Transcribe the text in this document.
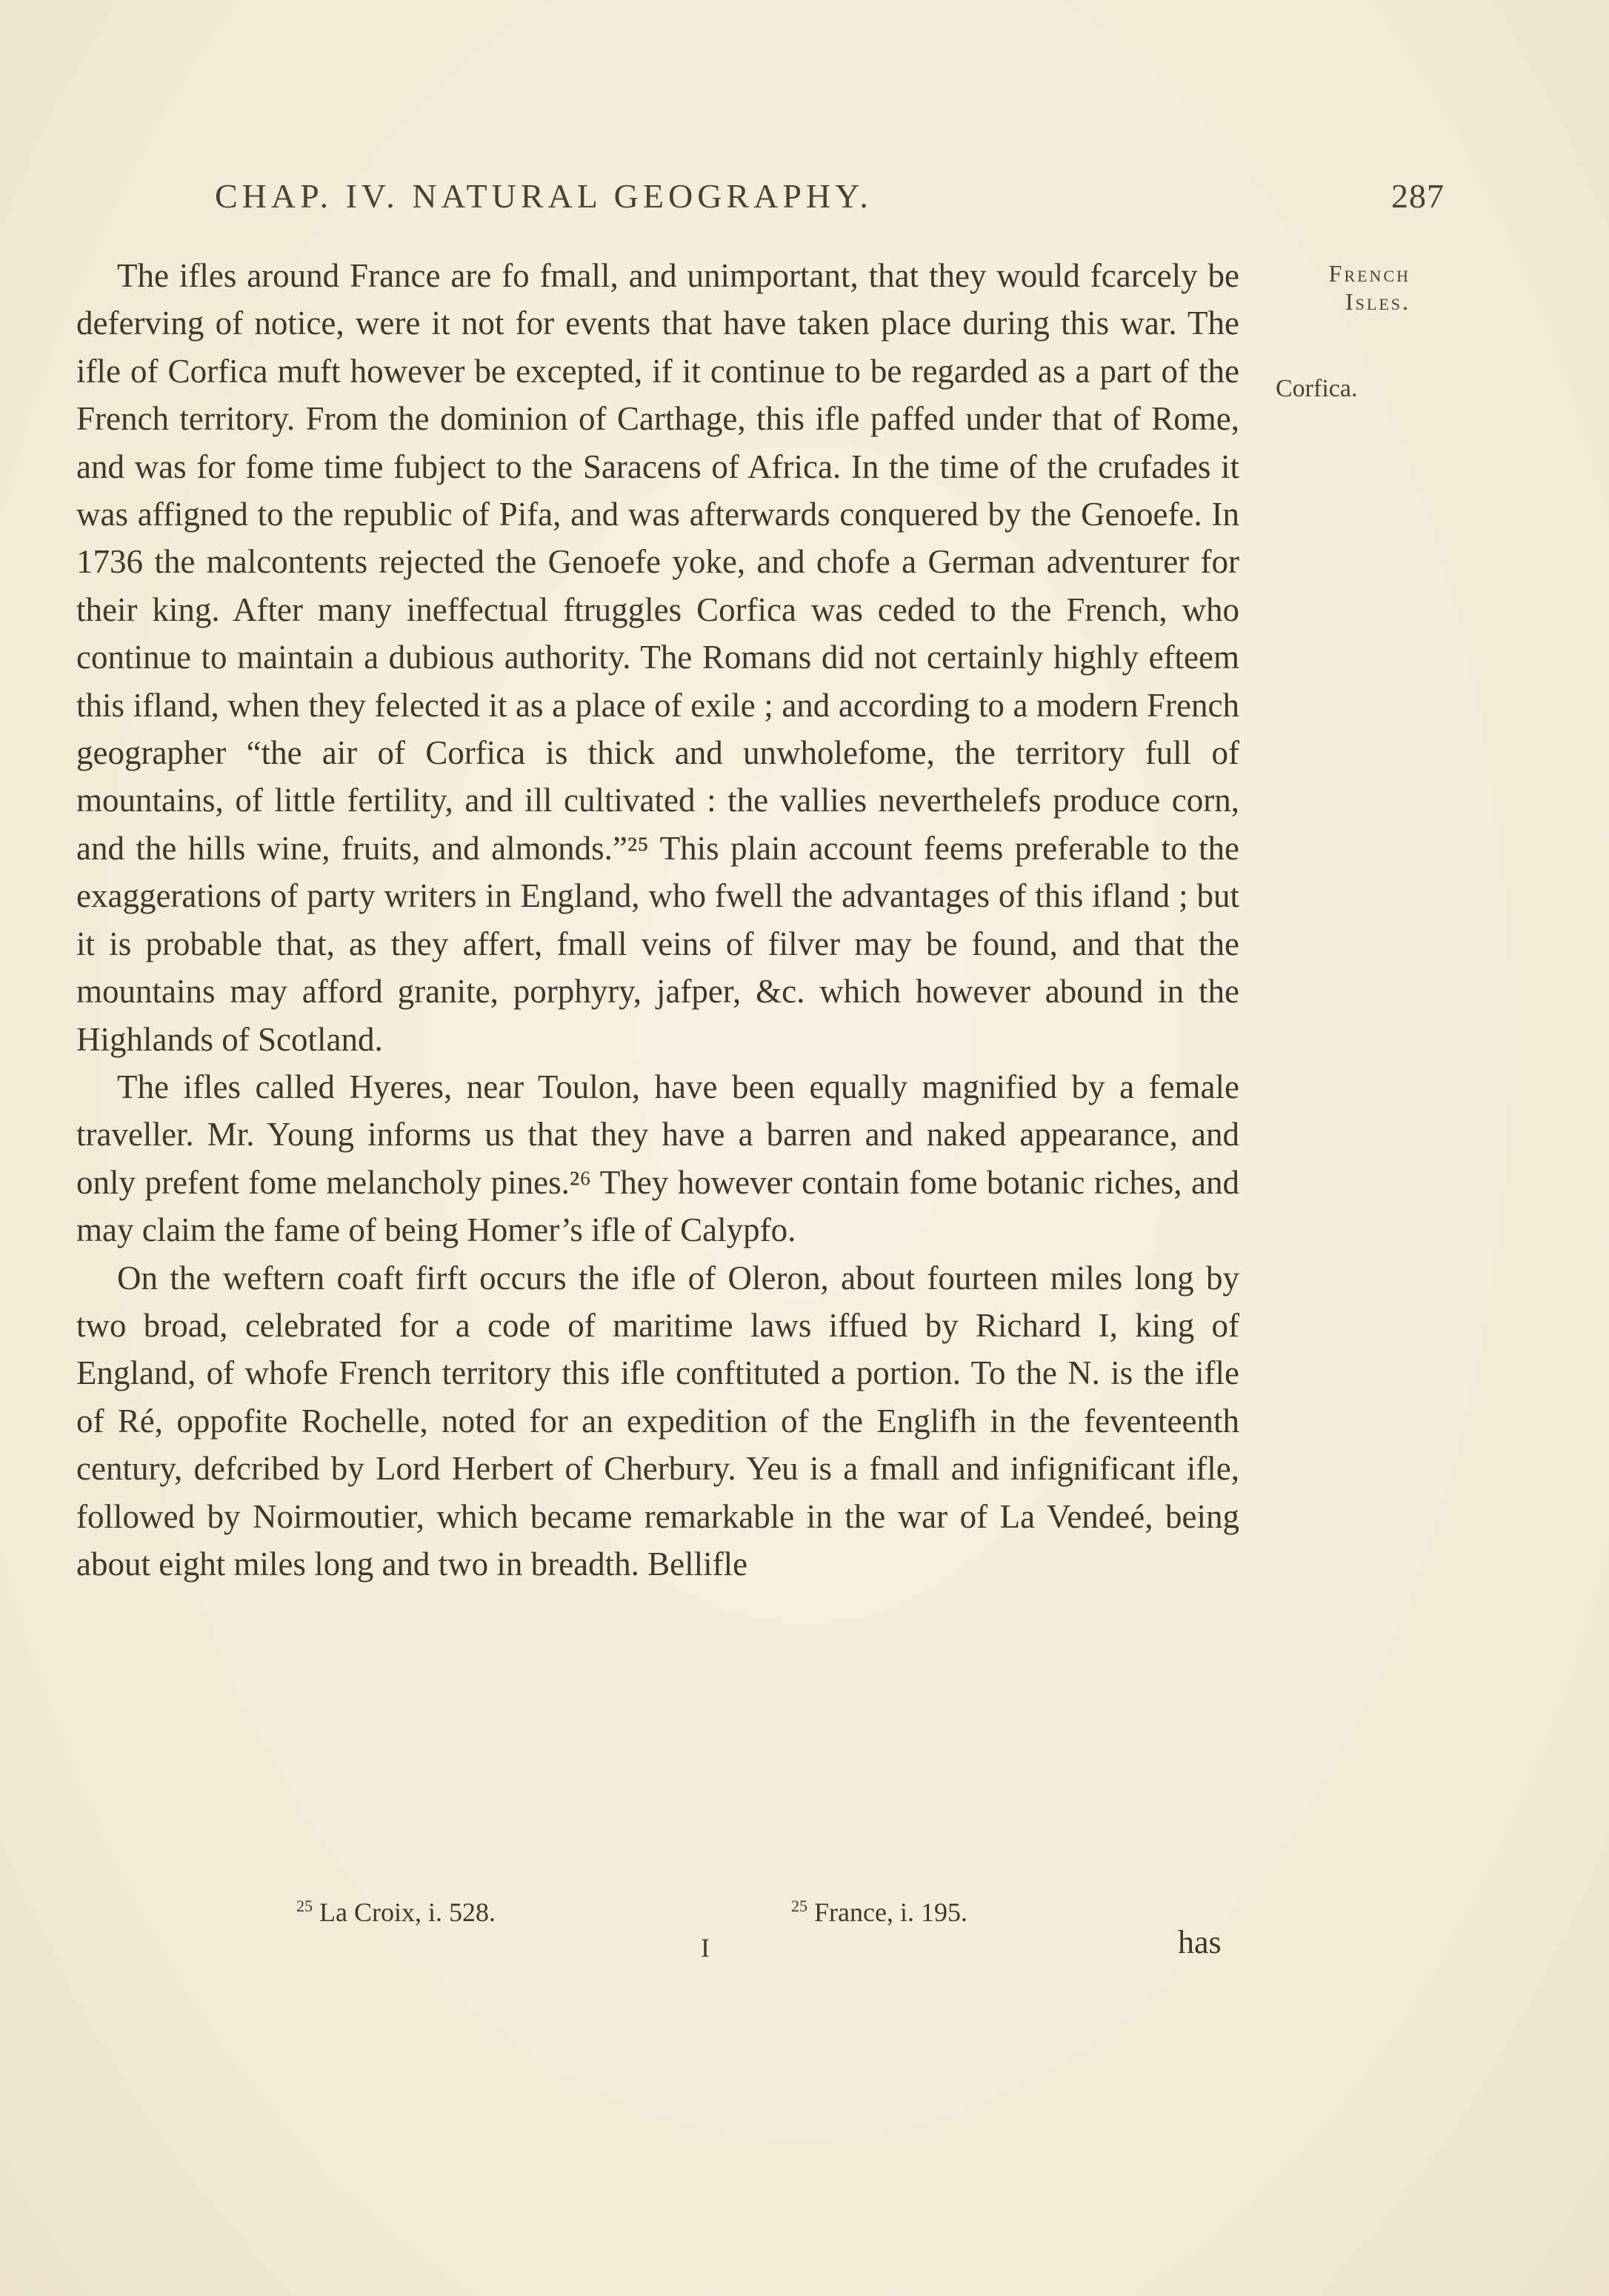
CHAP. IV. NATURAL GEOGRAPHY.	287
French Isles.
Corfica.

The ifles around France are fo fmall, and unimportant, that they would fcarcely be deferving of notice, were it not for events that have taken place during this war. The ifle of Corfica muft however be excepted, if it continue to be regarded as a part of the French territory. From the dominion of Carthage, this ifle paffed under that of Rome, and was for fome time fubject to the Saracens of Africa. In the time of the crufades it was affigned to the republic of Pifa, and was afterwards conquered by the Genoefe. In 1736 the malcontents rejected the Genoefe yoke, and chofe a German adventurer for their king. After many ineffectual ftruggles Corfica was ceded to the French, who continue to maintain a dubious authority. The Romans did not certainly highly efteem this ifland, when they felected it as a place of exile ; and according to a modern French geographer “the air of Corfica is thick and unwholefome, the territory full of mountains, of little fertility, and ill cultivated : the vallies neverthelefs produce corn, and the hills wine, fruits, and almonds.”²⁵ This plain account feems preferable to the exaggerations of party writers in England, who fwell the advantages of this ifland ; but it is probable that, as they affert, fmall veins of filver may be found, and that the mountains may afford granite, porphyry, jafper, &c. which however abound in the Highlands of Scotland.

The ifles called Hyeres, near Toulon, have been equally magnified by a female traveller. Mr. Young informs us that they have a barren and naked appearance, and only prefent fome melancholy pines.²⁶ They however contain fome botanic riches, and may claim the fame of being Homer’s ifle of Calypfo.

On the weftern coaft firft occurs the ifle of Oleron, about fourteen miles long by two broad, celebrated for a code of maritime laws iffued by Richard I, king of England, of whofe French territory this ifle conftituted a portion. To the N. is the ifle of Ré, oppofite Rochelle, noted for an expedition of the Englifh in the feventeenth century, defcribed by Lord Herbert of Cherbury. Yeu is a fmall and infignificant ifle, followed by Noirmoutier, which became remarkable in the war of La Vendeé, being about eight miles long and two in breadth. Bellifle

$^{25}$ La Croix, i. 528.	$^{25}$ France, i. 195.
I	has
